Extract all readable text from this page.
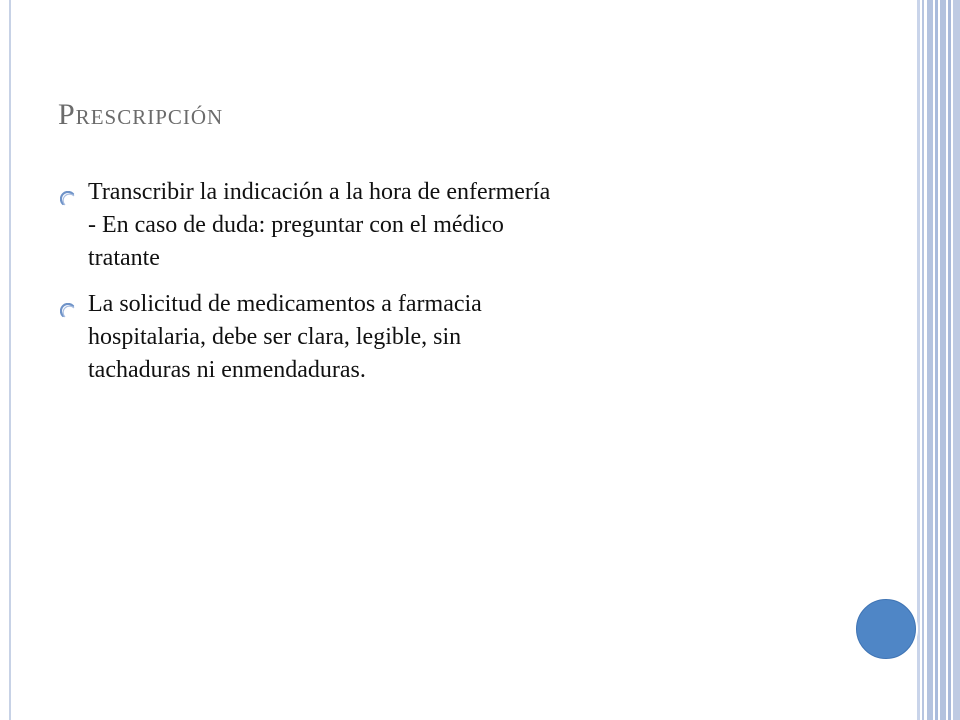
Prescripción
Transcribir la indicación a la hora de enfermería
- En caso de duda: preguntar con el médico
tratante
La solicitud de medicamentos a farmacia
hospitalaria, debe ser clara, legible, sin
tachaduras ni enmendaduras.
